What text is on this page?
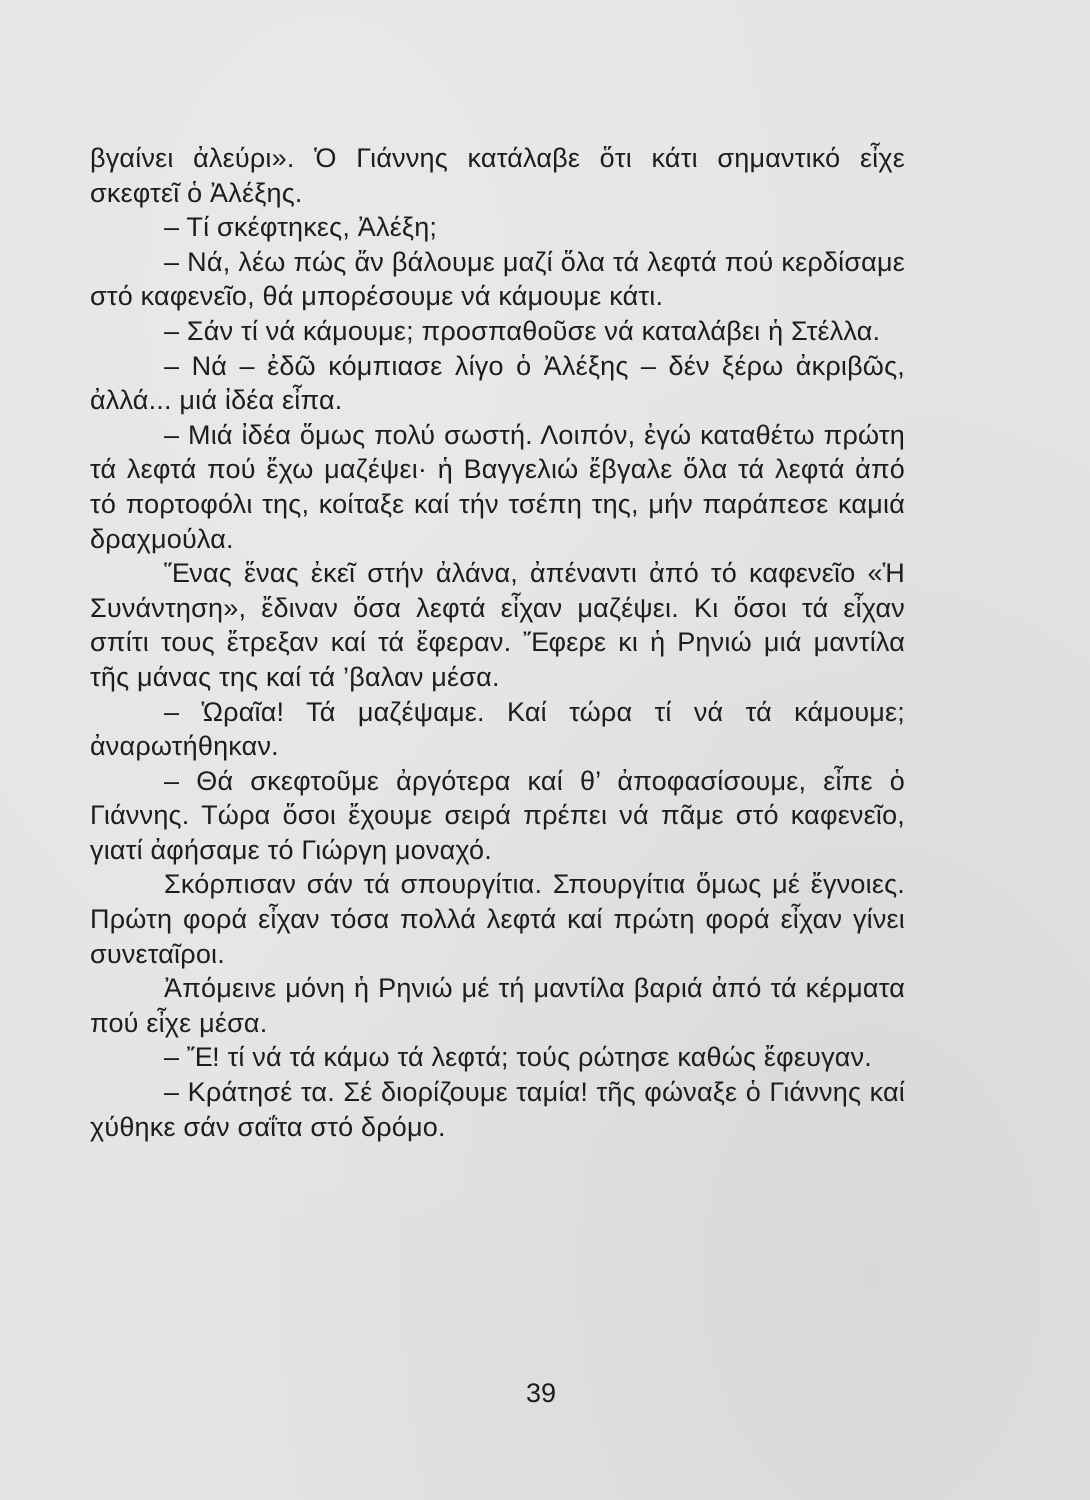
βγαίνει ἀλεύρι». Ὁ Γιάννης κατάλαβε ὅτι κάτι σημαντικό εἶχε σκεφτεῖ ὁ Ἀλέξης.

– Τί σκέφτηκες, Ἀλέξη;

– Νά, λέω πώς ἄν βάλουμε μαζί ὅλα τά λεφτά πού κερδίσαμε στό καφενεῖο, θά μπορέσουμε νά κάμουμε κάτι.

– Σάν τί νά κάμουμε; προσπαθοῦσε νά καταλάβει ἡ Στέλλα.

– Νά – ἐδῶ κόμπιασε λίγο ὁ Ἀλέξης – δέν ξέρω ἀκριβῶς, ἀλλά... μιά ἰδέα εἶπα.

– Μιά ἰδέα ὅμως πολύ σωστή. Λοιπόν, ἐγώ καταθέτω πρώτη τά λεφτά πού ἔχω μαζέψει· ἡ Βαγγελιώ ἔβγαλε ὅλα τά λεφτά ἀπό τό πορτοφόλι της, κοίταξε καί τήν τσέπη της, μήν παράπεσε καμιά δραχμούλα.

Ἕνας ἕνας ἐκεῖ στήν ἀλάνα, ἀπέναντι ἀπό τό καφενεῖο «Ἡ Συνάντηση», ἔδιναν ὅσα λεφτά εἶχαν μαζέψει. Κι ὅσοι τά εἶχαν σπίτι τους ἔτρεξαν καί τά ἔφεραν. Ἔφερε κι ἡ Ρηνιώ μιά μαντίλα τῆς μάνας της καί τά ’βαλαν μέσα.

– Ὡραῖα! Τά μαζέψαμε. Καί τώρα τί νά τά κάμουμε; ἀναρωτήθηκαν.

– Θά σκεφτοῦμε ἀργότερα καί θ’ ἀποφασίσουμε, εἶπε ὁ Γιάννης. Τώρα ὅσοι ἔχουμε σειρά πρέπει νά πᾶμε στό καφενεῖο, γιατί ἀφήσαμε τό Γιώργη μοναχό.

Σκόρπισαν σάν τά σπουργίτια. Σπουργίτια ὅμως μέ ἔγνοιες. Πρώτη φορά εἶχαν τόσα πολλά λεφτά καί πρώτη φορά εἶχαν γίνει συνεταῖροι.

Ἀπόμεινε μόνη ἡ Ρηνιώ μέ τή μαντίλα βαριά ἀπό τά κέρματα πού εἶχε μέσα.

– Ἔ! τί νά τά κάμω τά λεφτά; τούς ρώτησε καθώς ἔφευγαν.

– Κράτησέ τα. Σέ διορίζουμε ταμία! τῆς φώναξε ὁ Γιάννης καί χύθηκε σάν σαΐτα στό δρόμο.

39
